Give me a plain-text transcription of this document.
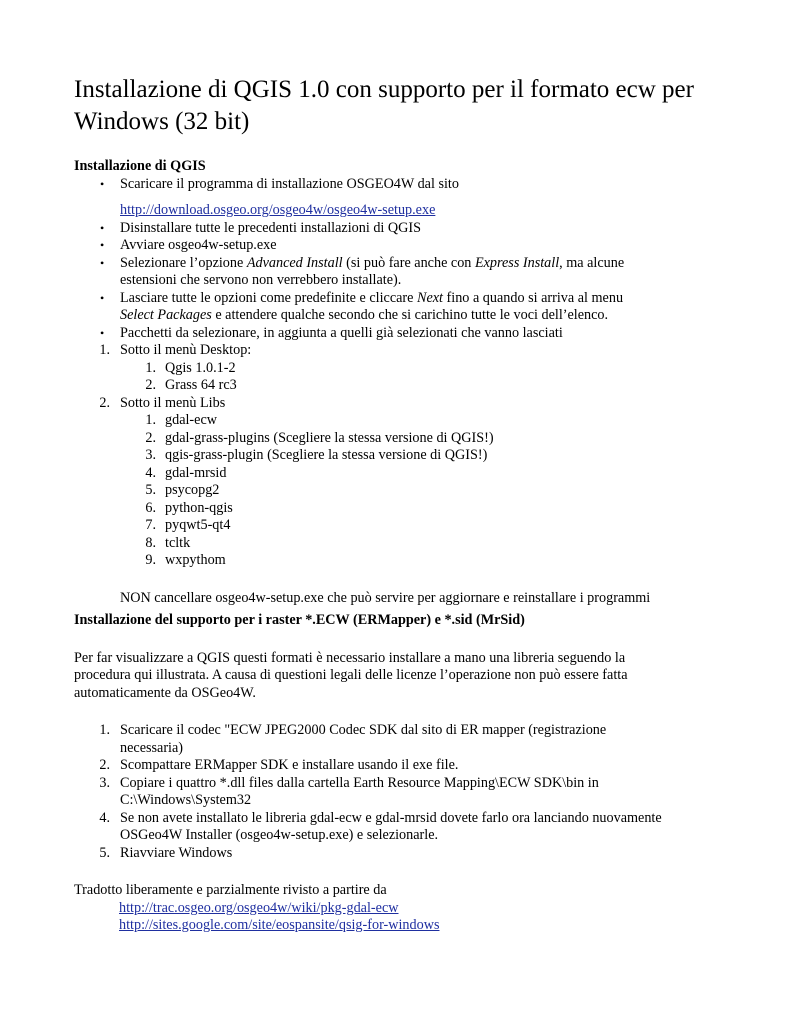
Installazione di QGIS 1.0 con supporto per il formato ecw per
Windows (32 bit)
Installazione di QGIS
• Scaricare il programma di installazione OSGEO4W dal sito
http://download.osgeo.org/osgeo4w/osgeo4w-setup.exe
• Disinstallare tutte le precedenti installazioni di QGIS
• Avviare osgeo4w-setup.exe
• Selezionare l’opzione Advanced Install (si può fare anche con Express Install, ma alcune
estensioni che servono non verrebbero installate).
• Lasciare tutte le opzioni come predefinite e cliccare Next fino a quando si arriva al menu
Select Packages e attendere qualche secondo che si carichino tutte le voci dell’elenco.
• Pacchetti da selezionare, in aggiunta a quelli già selezionati che vanno lasciati
1. Sotto il menù Desktop:
1. Qgis 1.0.1-2
2. Grass 64 rc3
2. Sotto il menù Libs
1. gdal-ecw
2. gdal-grass-plugins (Scegliere la stessa versione di QGIS!)
3. qgis-grass-plugin (Scegliere la stessa versione di QGIS!)
4. gdal-mrsid
5. psycopg2
6. python-qgis
7. pyqwt5-qt4
8. tcltk
9. wxpythom
NON cancellare osgeo4w-setup.exe che può servire per aggiornare e reinstallare i programmi
Installazione del supporto per i raster *.ECW (ERMapper) e *.sid (MrSid)
Per far visualizzare a QGIS questi formati è necessario installare a mano una libreria seguendo la
procedura qui illustrata. A causa di questioni legali delle licenze l’operazione non può essere fatta
automaticamente da OSGeo4W.
1. Scaricare il codec "ECW JPEG2000 Codec SDK dal sito di ER mapper (registrazione
necessaria)
2. Scompattare ERMapper SDK e installare usando il exe file.
3. Copiare i quattro *.dll files dalla cartella Earth Resource Mapping\ECW SDK\bin in
C:\Windows\System32
4. Se non avete installato le libreria gdal-ecw e gdal-mrsid dovete farlo ora lanciando nuovamente
OSGeo4W Installer (osgeo4w-setup.exe) e selezionarle.
5. Riavviare Windows
Tradotto liberamente e parzialmente rivisto a partire da
http://trac.osgeo.org/osgeo4w/wiki/pkg-gdal-ecw
http://sites.google.com/site/eospansite/qsig-for-windows
